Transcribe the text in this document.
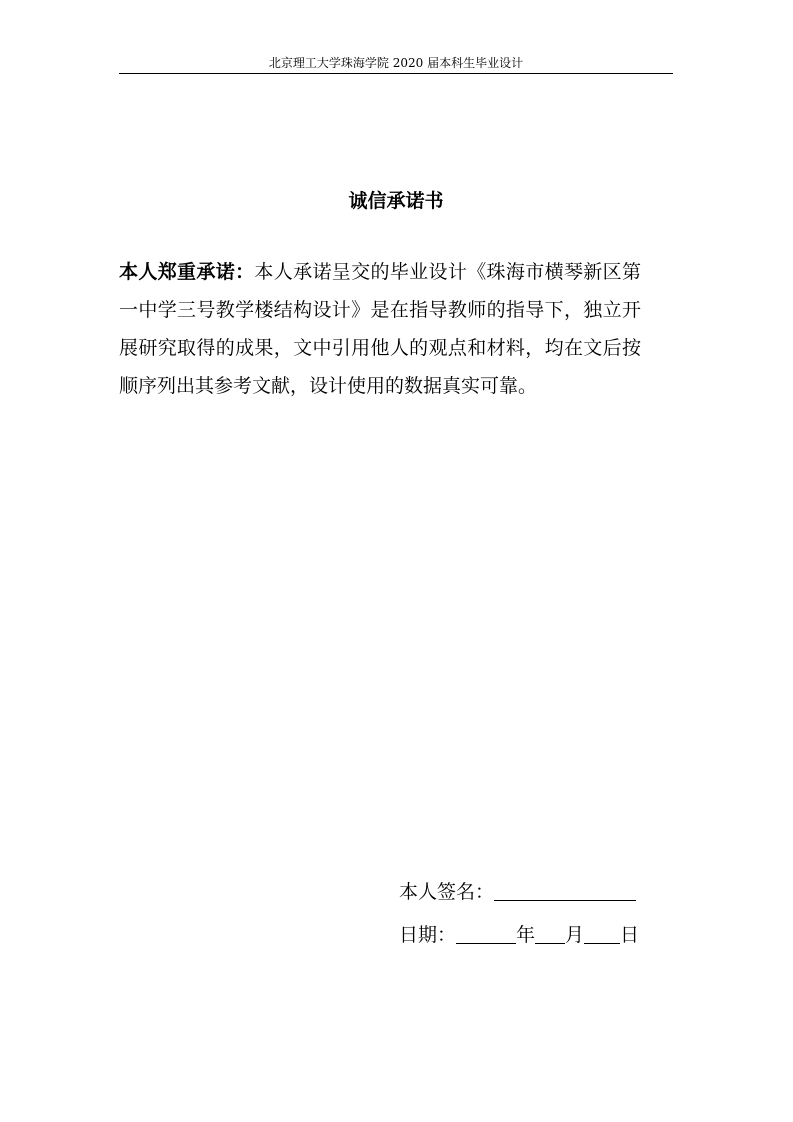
北京理工大学珠海学院 2020 届本科生毕业设计
诚信承诺书
本人郑重承诺：本人承诺呈交的毕业设计《珠海市横琴新区第一中学三号教学楼结构设计》是在指导教师的指导下，独立开展研究取得的成果，文中引用他人的观点和材料，均在文后按顺序列出其参考文献，设计使用的数据真实可靠。
本人签名：
日期：	年 月 日
